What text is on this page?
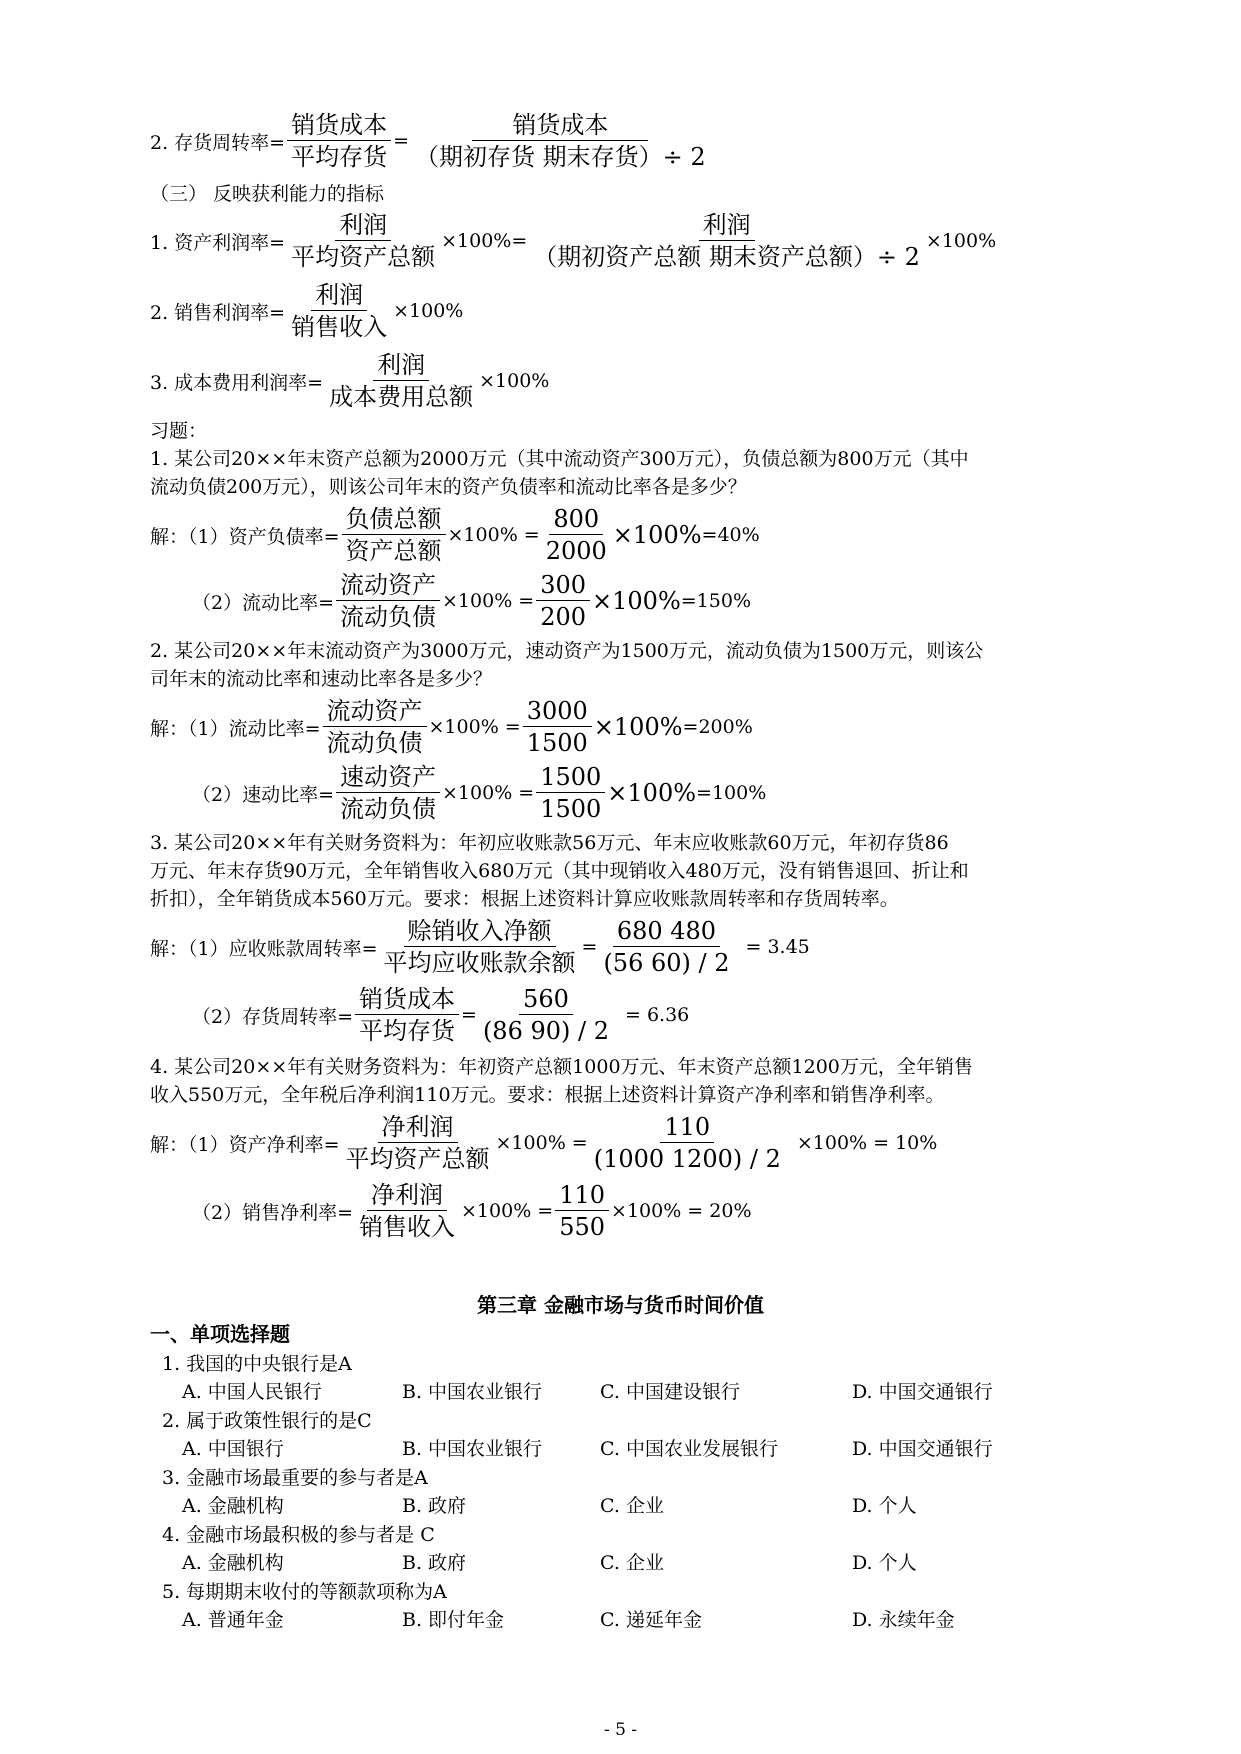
2. 存货周转率= $\frac{\text{销货成本}}{\text{平均存货}} = \frac{\text{销货成本}}{\text{（期初存货 期末存货）÷ 2}}$
（三） 反映获利能力的指标
1. 资产利润率= $\frac{\text{利润}}{\text{平均资产总额}} \times 100\%= \frac{\text{利润}}{\text{（期初资产总额 期末资产总额）÷ 2}} \times 100\%$
2. 销售利润率= $\frac{\text{利润}}{\text{销售收入}} \times 100\%$
3. 成本费用利润率= $\frac{\text{利润}}{\text{成本费用总额}} \times 100\%$
习题：
1. 某公司20××年末资产总额为2000万元（其中流动资产300万元），负债总额为800万元（其中
流动负债200万元），则该公司年末的资产负债率和流动比率各是多少？
解：（1）资产负债率= $\frac{\text{负债总额}}{\text{资产总额}} \times 100\% = \frac{800}{2000} \times 100\% =40\%$
（2）流动比率= $\frac{\text{流动资产}}{\text{流动负债}} \times 100\% = \frac{300}{200} \times 100\% =150\%$
2. 某公司20××年末流动资产为3000万元，速动资产为1500万元，流动负债为1500万元，则该公
司年末的流动比率和速动比率各是多少？
解：（1）流动比率= $\frac{\text{流动资产}}{\text{流动负债}} \times 100\% = \frac{3000}{1500} \times 100\% =200\%$
（2）速动比率= $\frac{\text{速动资产}}{\text{流动负债}} \times 100\% = \frac{1500}{1500} \times 100\% =100\%$
3. 某公司20××年有关财务资料为：年初应收账款56万元、年末应收账款60万元，年初存货86
万元、年末存货90万元，全年销售收入680万元（其中现销收入480万元，没有销售退回、折让和
折扣），全年销货成本560万元。要求：根据上述资料计算应收账款周转率和存货周转率。
解：（1）应收账款周转率= $\frac{\text{赊销收入净额}}{\text{平均应收账款余额}} = \frac{680 480}{(56 60) / 2} = 3.45$
（2）存货周转率= $\frac{\text{销货成本}}{\text{平均存货}} = \frac{560}{(86 90) / 2} = 6.36$
4. 某公司20××年有关财务资料为：年初资产总额1000万元、年末资产总额1200万元，全年销售
收入550万元，全年税后净利润110万元。要求：根据上述资料计算资产净利率和销售净利率。
解：（1）资产净利率= $\frac{\text{净利润}}{\text{平均资产总额}} \times 100\% = \frac{110}{(1000 1200) / 2} \times 100\% = 10\%$
（2）销售净利率= $\frac{\text{净利润}}{\text{销售收入}} \times 100\% = \frac{110}{550} \times 100\% = 20\%$
第三章 金融市场与货币时间价值
一、单项选择题
1. 我国的中央银行是A
A. 中国人民银行	B. 中国农业银行	C. 中国建设银行	D. 中国交通银行
2. 属于政策性银行的是C
A. 中国银行	B. 中国农业银行	C. 中国农业发展银行	D. 中国交通银行
3. 金融市场最重要的参与者是A
A. 金融机构	B. 政府	C. 企业	D. 个人
4. 金融市场最积极的参与者是 C
A. 金融机构	B. 政府	C. 企业	D. 个人
5. 每期期末收付的等额款项称为A
A. 普通年金	B. 即付年金	C. 递延年金	D. 永续年金
- 5 -
